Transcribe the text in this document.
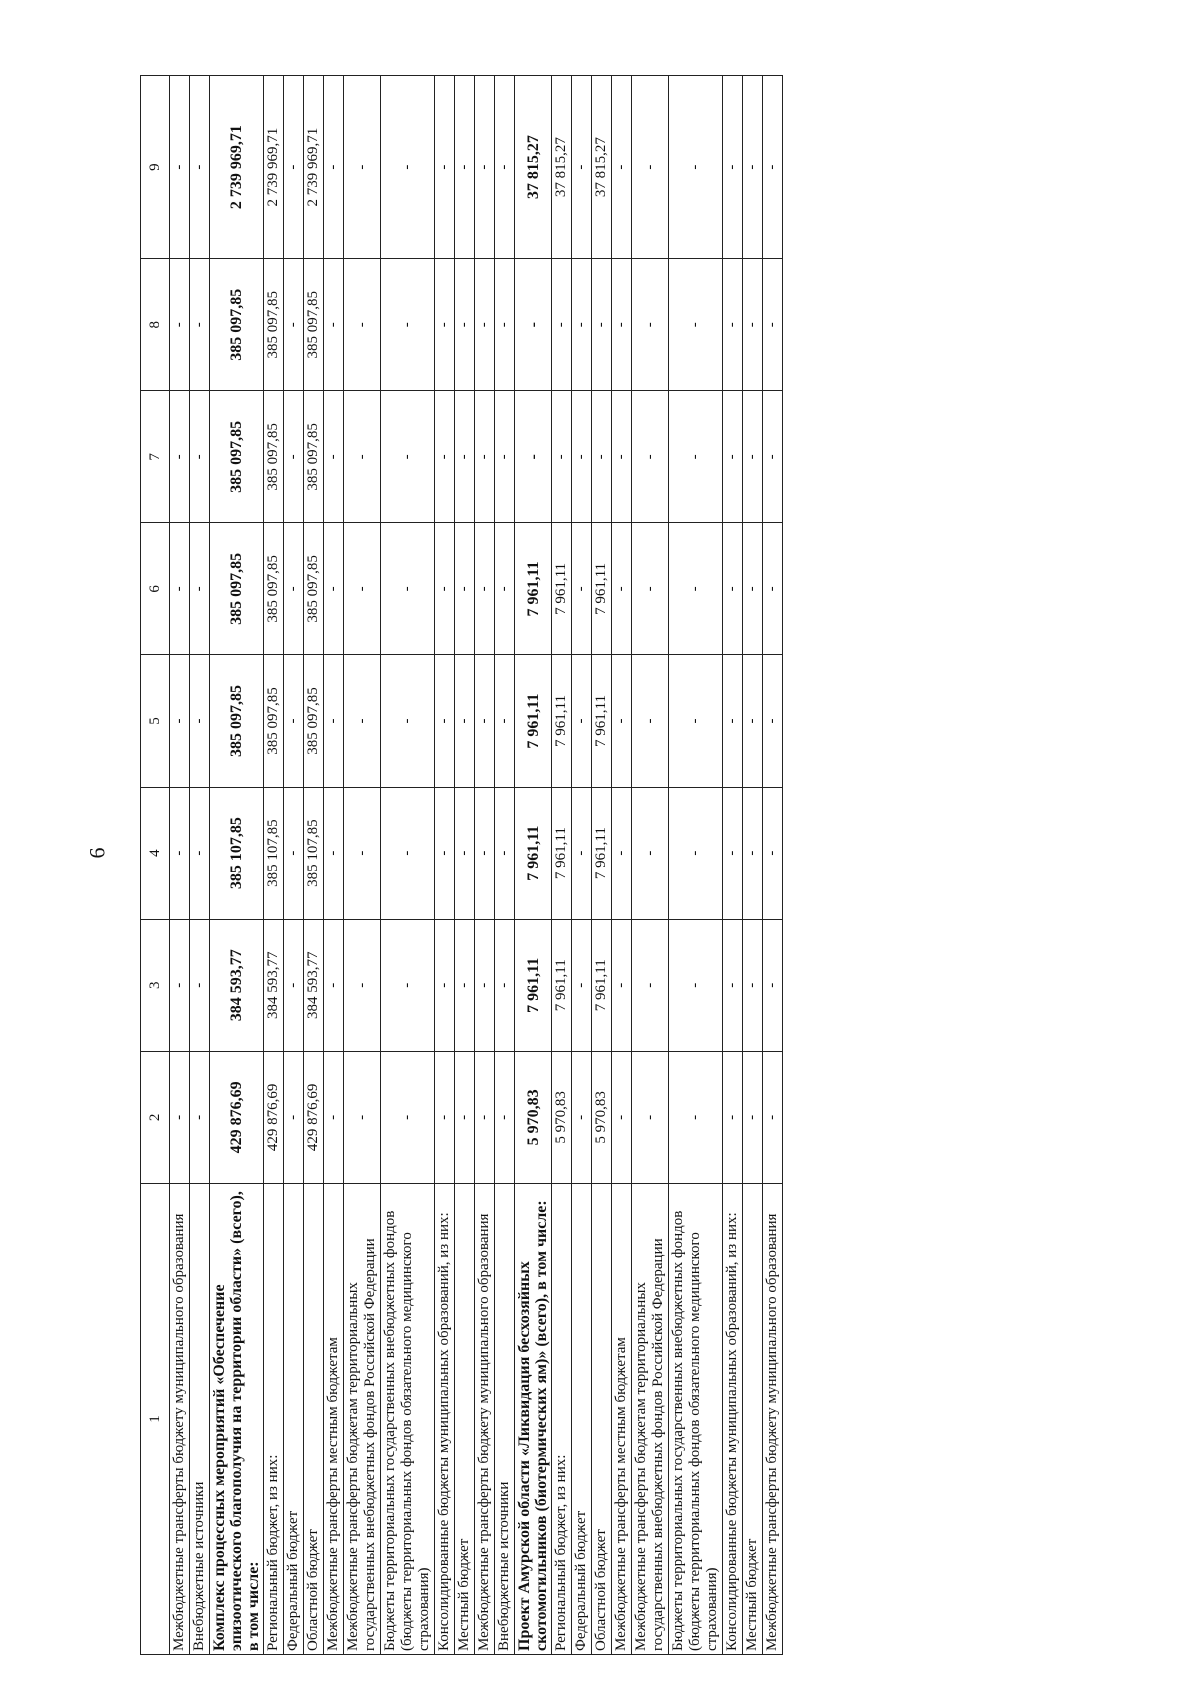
6
1	2	3	4	5	6	7	8	9
Межбюджетные трансферты бюджету муниципального образования	-	-	-	-	-	-	-	-
Внебюджетные источники	-	-	-	-	-	-	-	-
Комплекс процессных мероприятий «Обеспечение эпизоотического благополучия на территории области» (всего), в том числе:	429 876,69	384 593,77	385 107,85	385 097,85	385 097,85	385 097,85	385 097,85	2 739 969,71
Региональный бюджет, из них:	429 876,69	384 593,77	385 107,85	385 097,85	385 097,85	385 097,85	385 097,85	2 739 969,71
Федеральный бюджет	-	-	-	-	-	-	-	-
Областной бюджет	429 876,69	384 593,77	385 107,85	385 097,85	385 097,85	385 097,85	385 097,85	2 739 969,71
Межбюджетные трансферты местным бюджетам	-	-	-	-	-	-	-	-
Межбюджетные трансферты бюджетам территориальных государственных внебюджетных фондов Российской Федерации	-	-	-	-	-	-	-	-
Бюджеты территориальных государственных внебюджетных фондов (бюджеты территориальных фондов обязательного медицинского страхования)	-	-	-	-	-	-	-	-
Консолидированные бюджеты муниципальных образований, из них:	-	-	-	-	-	-	-	-
Местный бюджет	-	-	-	-	-	-	-	-
Межбюджетные трансферты бюджету муниципального образования	-	-	-	-	-	-	-	-
Внебюджетные источники	-	-	-	-	-	-	-	-
Проект Амурской области «Ликвидация бесхозяйных скотомогильников (биотермических ям)» (всего), в том числе:	5 970,83	7 961,11	7 961,11	7 961,11	7 961,11	-	-	37 815,27
Региональный бюджет, из них:	5 970,83	7 961,11	7 961,11	7 961,11	7 961,11	-	-	37 815,27
Федеральный бюджет	-	-	-	-	-	-	-	-
Областной бюджет	5 970,83	7 961,11	7 961,11	7 961,11	7 961,11	-	-	37 815,27
Межбюджетные трансферты местным бюджетам	-	-	-	-	-	-	-	-
Межбюджетные трансферты бюджетам территориальных государственных внебюджетных фондов Российской Федерации	-	-	-	-	-	-	-	-
Бюджеты территориальных государственных внебюджетных фондов (бюджеты территориальных фондов обязательного медицинского страхования)	-	-	-	-	-	-	-	-
Консолидированные бюджеты муниципальных образований, из них:	-	-	-	-	-	-	-	-
Местный бюджет	-	-	-	-	-	-	-	-
Межбюджетные трансферты бюджету муниципального образования	-	-	-	-	-	-	-	-
